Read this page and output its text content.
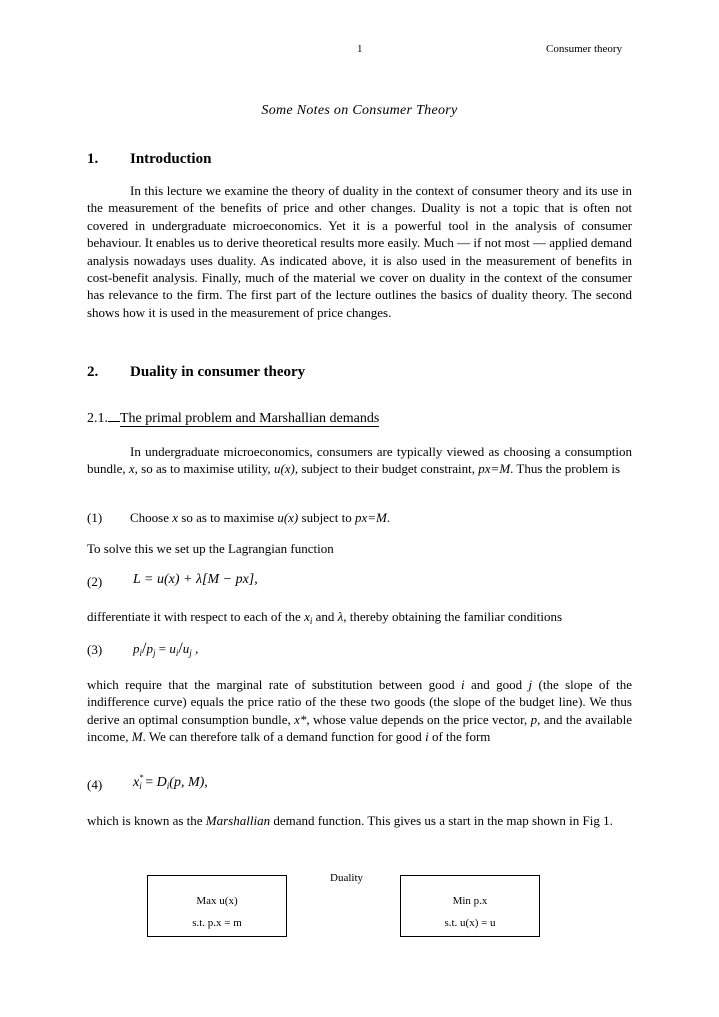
1	Consumer theory
Some Notes on Consumer Theory
1. Introduction
In this lecture we examine the theory of duality in the context of consumer theory and its use in the measurement of the benefits of price and other changes. Duality is not a topic that is often not covered in undergraduate microeconomics. Yet it is a powerful tool in the analysis of consumer behaviour. It enables us to derive theoretical results more easily. Much — if not most — applied demand analysis nowadays uses duality. As indicated above, it is also used in the measurement of benefits in cost-benefit analysis. Finally, much of the material we cover on duality in the context of the consumer has relevance to the firm. The first part of the lecture outlines the basics of duality theory. The second shows how it is used in the measurement of price changes.
2. Duality in consumer theory
2.1. The primal problem and Marshallian demands
In undergraduate microeconomics, consumers are typically viewed as choosing a consumption bundle, x, so as to maximise utility, u(x), subject to their budget constraint, px=M. Thus the problem is
(1) Choose x so as to maximise u(x) subject to px=M.
To solve this we set up the Lagrangian function
(2) L = u(x) + λ[M − px],
differentiate it with respect to each of the $x_i$ and λ, thereby obtaining the familiar conditions
(3) $p_i/p_j = u_i/u_j$ ,
which require that the marginal rate of substitution between good i and good j (the slope of the indifference curve) equals the price ratio of the these two goods (the slope of the budget line). We thus derive an optimal consumption bundle, x*, whose value depends on the price vector, p, and the available income, M. We can therefore talk of a demand function for good i of the form
(4) $x^*_i = D_i(p$, M),
which is known as the Marshallian demand function. This gives us a start in the map shown in Fig 1.
Duality
Max u(x)
s.t. p.x = m
Min p.x
s.t. u(x) = u
